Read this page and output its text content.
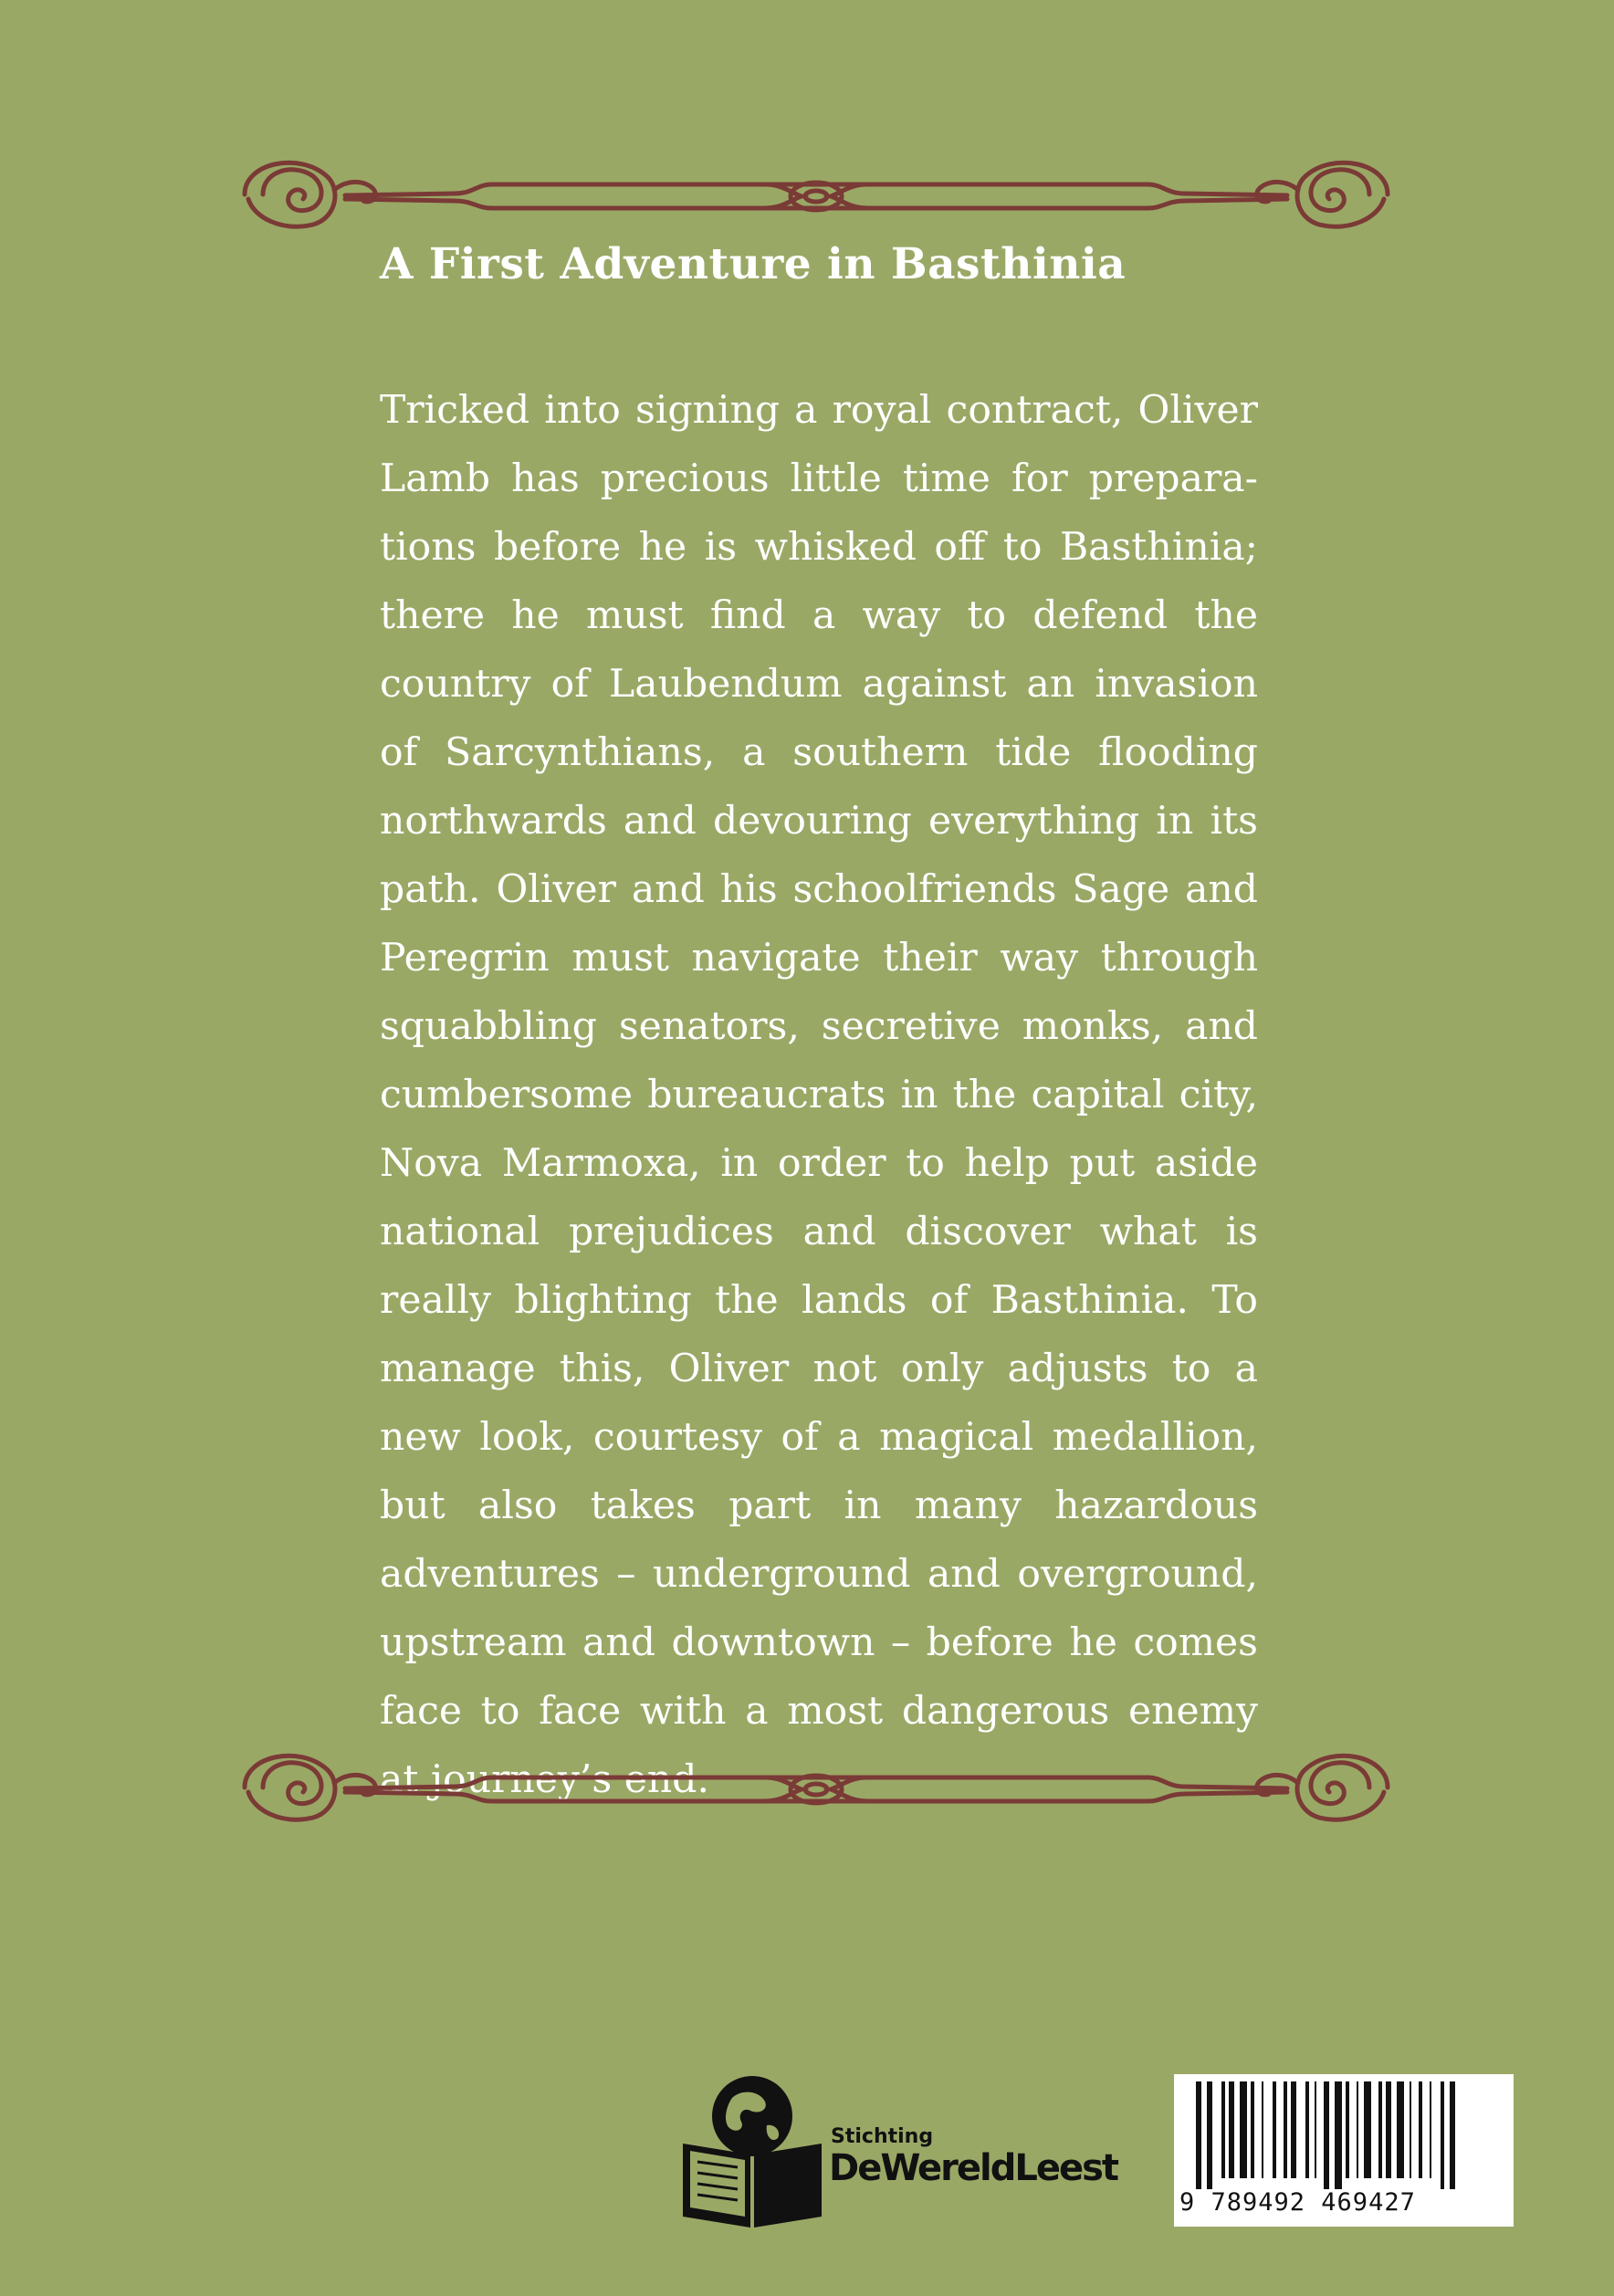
A First Adventure in Basthinia

Tricked into signing a royal contract, Oliver Lamb has precious little time for preparations before he is whisked off to Basthinia; there he must find a way to defend the country of Laubendum against an invasion of Sarcynthians, a southern tide flooding northwards and devouring everything in its path. Oliver and his schoolfriends Sage and Peregrin must navigate their way through squabbling senators, secretive monks, and cumbersome bureaucrats in the capital city, Nova Marmoxa, in order to help put aside national prejudices and discover what is really blighting the lands of Basthinia. To manage this, Oliver not only adjusts to a new look, courtesy of a magical medallion, but also takes part in many hazardous adventures – underground and overground, upstream and downtown – before he comes face to face with a most dangerous enemy at journey’s end.

Stichting
DeWereldLeest
9 789492 469427
